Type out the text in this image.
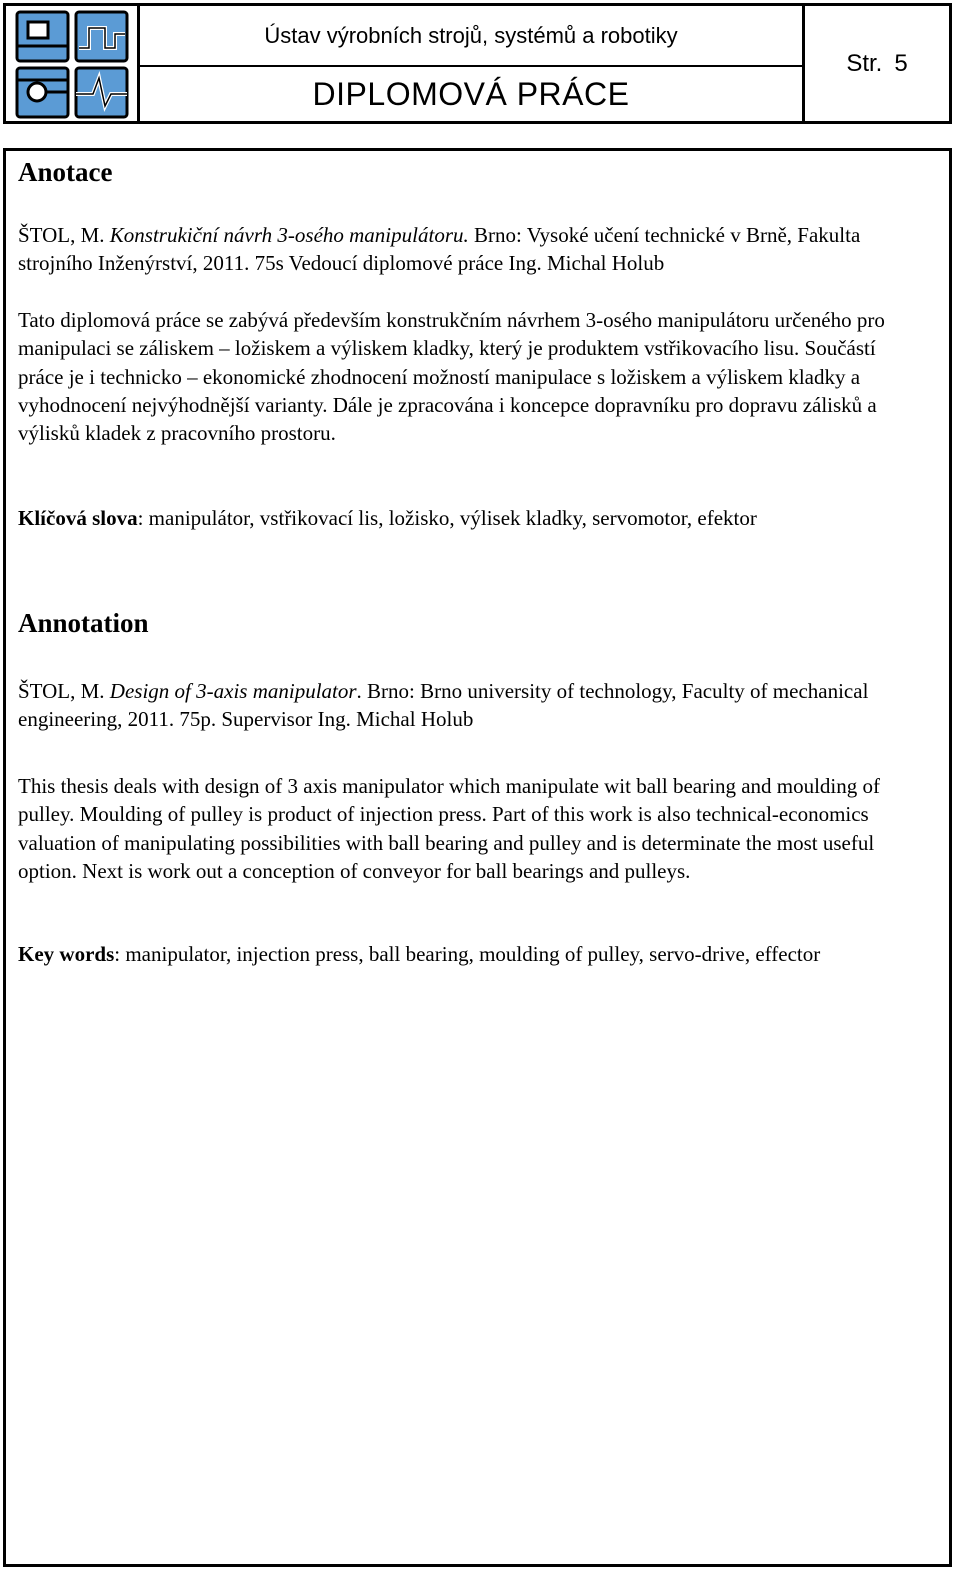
Ústav výrobních strojů, systémů a robotiky
DIPLOMOVÁ PRÁCE
Str. 5
Anotace

ŠTOL, M. Konstrukiční návrh 3-osého manipulátoru. Brno: Vysoké učení technické v Brně, Fakulta strojního Inženýrství, 2011. 75s Vedoucí diplomové práce Ing. Michal Holub

Tato diplomová práce se zabývá především konstrukčním návrhem 3-osého manipulátoru určeného pro manipulaci se záliskem – ložiskem a výliskem kladky, který je produktem vstřikovacího lisu. Součástí práce je i technicko – ekonomické zhodnocení možností manipulace s ložiskem a výliskem kladky a vyhodnocení nejvýhodnější varianty. Dále je zpracována i koncepce dopravníku pro dopravu zálisků a výlisků kladek z pracovního prostoru.

Klíčová slova: manipulátor, vstřikovací lis, ložisko, výlisek kladky, servomotor, efektor

Annotation

ŠTOL, M. Design of 3-axis manipulator. Brno: Brno university of technology, Faculty of mechanical engineering, 2011. 75p. Supervisor Ing. Michal Holub

This thesis deals with design of 3 axis manipulator which manipulate wit ball bearing and moulding of pulley. Moulding of pulley is product of injection press. Part of this work is also technical-economics valuation of manipulating possibilities with ball bearing and pulley and is determinate the most useful option. Next is work out a conception of conveyor for ball bearings and pulleys.

Key words: manipulator, injection press, ball bearing, moulding of pulley, servo-drive, effector
